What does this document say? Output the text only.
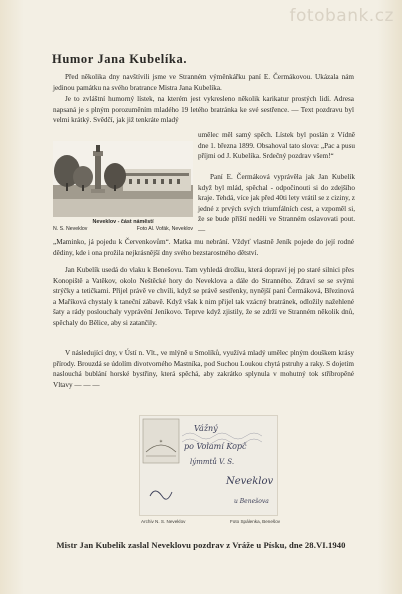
fotobank.cz
Humor Jana Kubelíka.

Před několika dny navštívili jsme ve Stranném výměnkářku paní E. Čermákovou. Ukázala nám jedinou památku na svého bratrance Mistra Jana Kubelíka.

Je to zvláštní humorný lístek, na kterém jest vykresleno několik karikatur prostých lidí. Adresa napsaná je s plným porozuměním mladého 19 letého bratránka ke své sestřence. — Text pozdravu byl velmi krátký. Svědčí, jak již tenkráte mladý

Neveklov - část náměstí
N. S. Neveklov	Foto Al. Vofák, Neveklov

umělec měl samý spěch. Lístek byl poslán z Vídně dne 1. března 1899. Obsahoval tato slova: „Pac a pusu příjmi od J. Kubelíka. Srdečný pozdrav všem!“

Paní E. Čermáková vyprávěla jak Jan Kubelík když byl mlád, spěchal - odpočinouti si do zdejšího kraje. Tehdá, více jak před 40ti lety vrátil se z ciziny, z jedné z prvých svých triumfálních cest, a vzpoměl si, že se bude příští neděli ve Stranném oslavovati pout. —

„Maminko, já pojedu k Červenkovům“. Matka mu nebrání. Vždyť vlastně Jeník pojede do její rodné dědiny, kde i ona prožila nejkrásnější dny svého bezstarostného dětství.

Jan Kubelík usedá do vlaku k Benešovu. Tam vyhledá drožku, která dopraví jej po staré silnici přes Konopiště a Vatěkov, okolo Neštěcké hory do Neveklova a dále do Stranného. Zdraví se se svými strýčky a tetičkami. Přijel právě ve chvíli, když se právě sestřenky, nynější paní Čermáková, Březinová a Maříková chystaly k taneční zábavě. Když však k nim přijel tak vzácný bratránek, odložily nažehlené šaty a rády poslouchaly vyprávění Jeníkovo. Teprve když zjistily, že se zdrží ve Stranném několik dnů, spěchaly do Bělice, aby si zatančily.

V následující dny, v Ústí n. Vlt., ve mlýně u Smolíků, využívá mladý umělec plným douškem krásy přírody. Brouzdá se údolím divotvorného Mastníka, pod Suchou Loukou chytá pstruhy a raky. S dojetím naslouchá bublání horské bystřiny, která spěchá, aby zakrátko splynula v mohutný tok stříbropěné Vltavy — — —

✶
Vážný
po Volamí Kopč
lýmmtů V. S.
Neveklov
u Benešova
Archiv N. S. Neveklov	Foto Spálenka, Benešov
Mistr Jan Kubelík zaslal Neveklovu pozdrav z Vráže u Písku, dne 28.VI.1940
